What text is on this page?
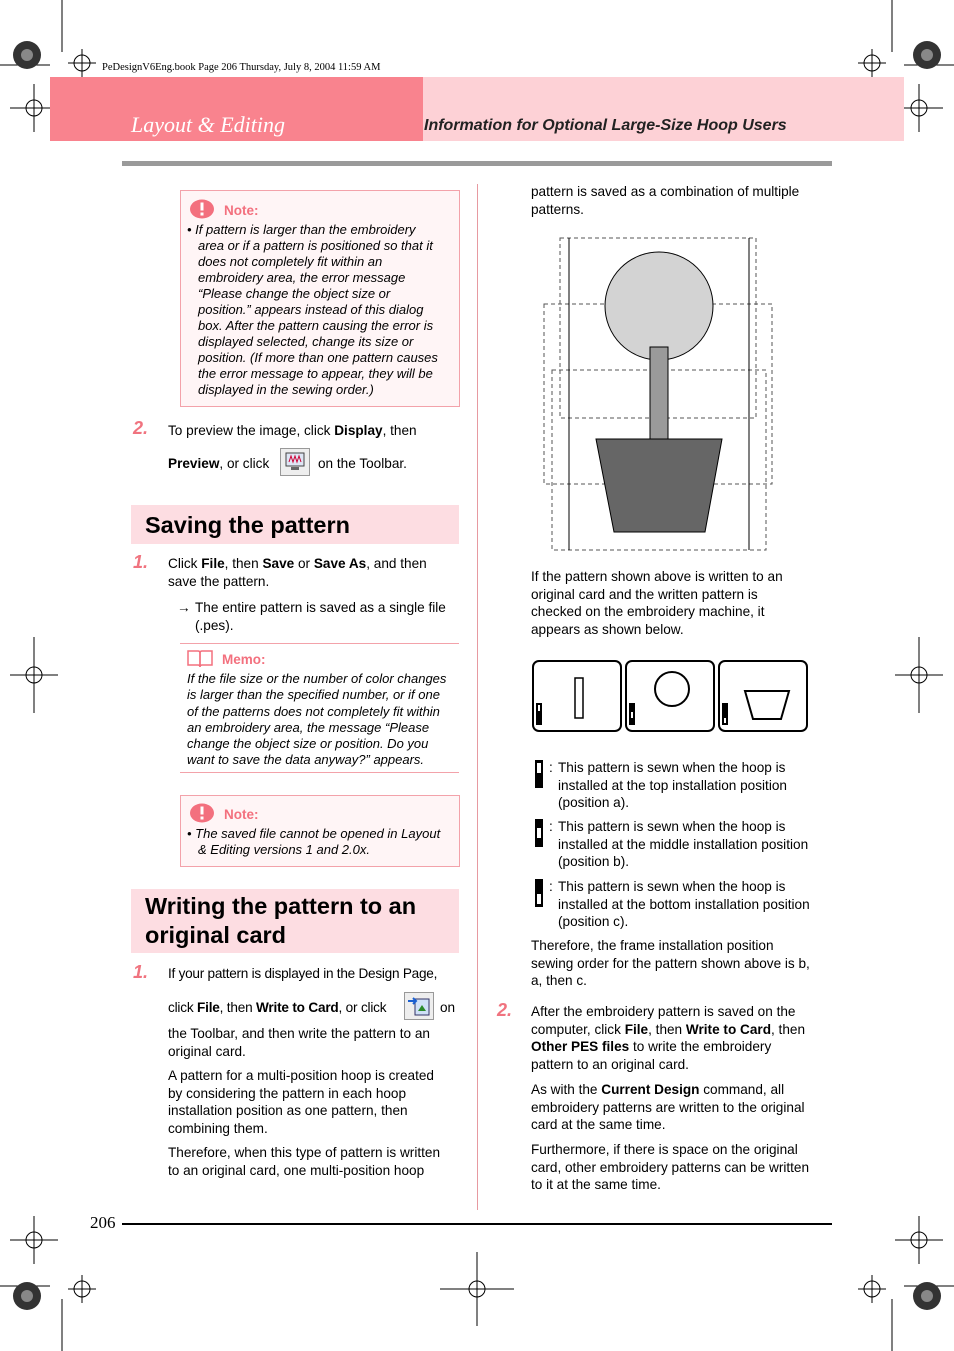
PeDesignV6Eng.book Page 206 Thursday, July 8, 2004 11:59 AM
Layout & Editing	Information for Optional Large-Size Hoop Users
Note:
• If pattern is larger than the embroidery
area or if a pattern is positioned so that it
does not completely fit within an
embroidery area, the error message
“Please change the object size or
position.” appears instead of this dialog
box. After the pattern causing the error is
displayed selected, change its size or
position. (If more than one pattern causes
the error message to appear, they will be
displayed in the sewing order.)
2. To preview the image, click Display, then
Preview, or click	on the Toolbar.
Saving the pattern
1. Click File, then Save or Save As, and then
save the pattern.
→ The entire pattern is saved as a single file
(.pes).
Memo:
If the file size or the number of color changes
is larger than the specified number, or if one
of the patterns does not completely fit within
an embroidery area, the message “Please
change the object size or position. Do you
want to save the data anyway?” appears.
Note:
• The saved file cannot be opened in Layout
& Editing versions 1 and 2.0x.
Writing the pattern to an
original card
1. If your pattern is displayed in the Design Page,
click File, then Write to Card, or click	on
the Toolbar, and then write the pattern to an
original card.
A pattern for a multi-position hoop is created
by considering the pattern in each hoop
installation position as one pattern, then
combining them.
Therefore, when this type of pattern is written
to an original card, one multi-position hoop
pattern is saved as a combination of multiple
patterns.
If the pattern shown above is written to an
original card and the written pattern is
checked on the embroidery machine, it
appears as shown below.
: This pattern is sewn when the hoop is
installed at the top installation position
(position a).
: This pattern is sewn when the hoop is
installed at the middle installation position
(position b).
: This pattern is sewn when the hoop is
installed at the bottom installation position
(position c).
Therefore, the frame installation position
sewing order for the pattern shown above is b,
a, then c.
2. After the embroidery pattern is saved on the
computer, click File, then Write to Card, then
Other PES files to write the embroidery
pattern to an original card.
As with the Current Design command, all
embroidery patterns are written to the original
card at the same time.
Furthermore, if there is space on the original
card, other embroidery patterns can be written
to it at the same time.
206
